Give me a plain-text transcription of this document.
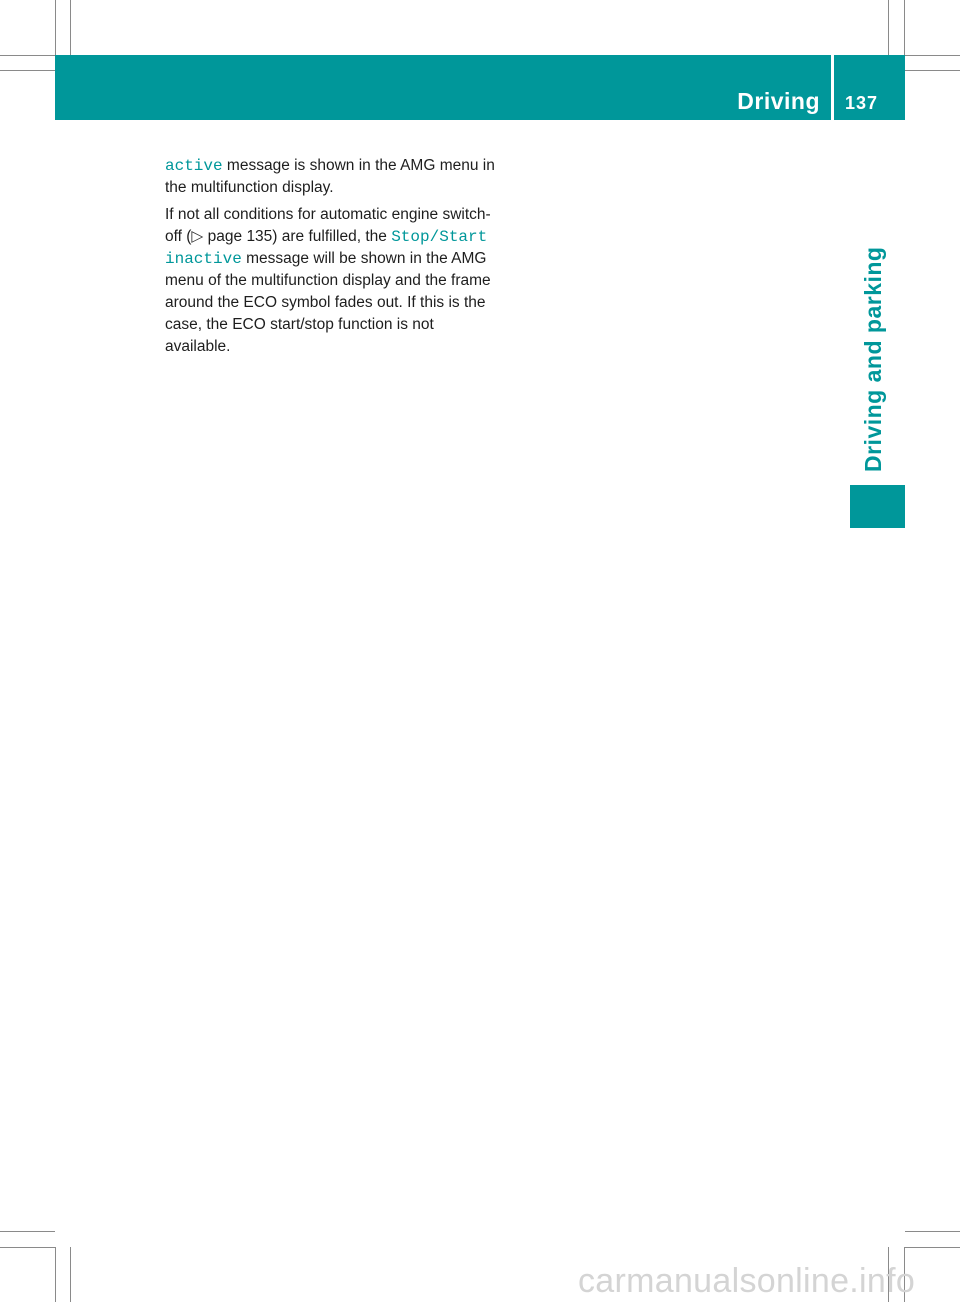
Driving 137
Driving and parking

active message is shown in the AMG menu in the multifunction display.

If not all conditions for automatic engine switch-off (▷ page 135) are fulfilled, the Stop/Start inactive message will be shown in the AMG menu of the multifunction display and the frame around the ECO symbol fades out. If this is the case, the ECO start/stop function is not available.

carmanualsonline.info
